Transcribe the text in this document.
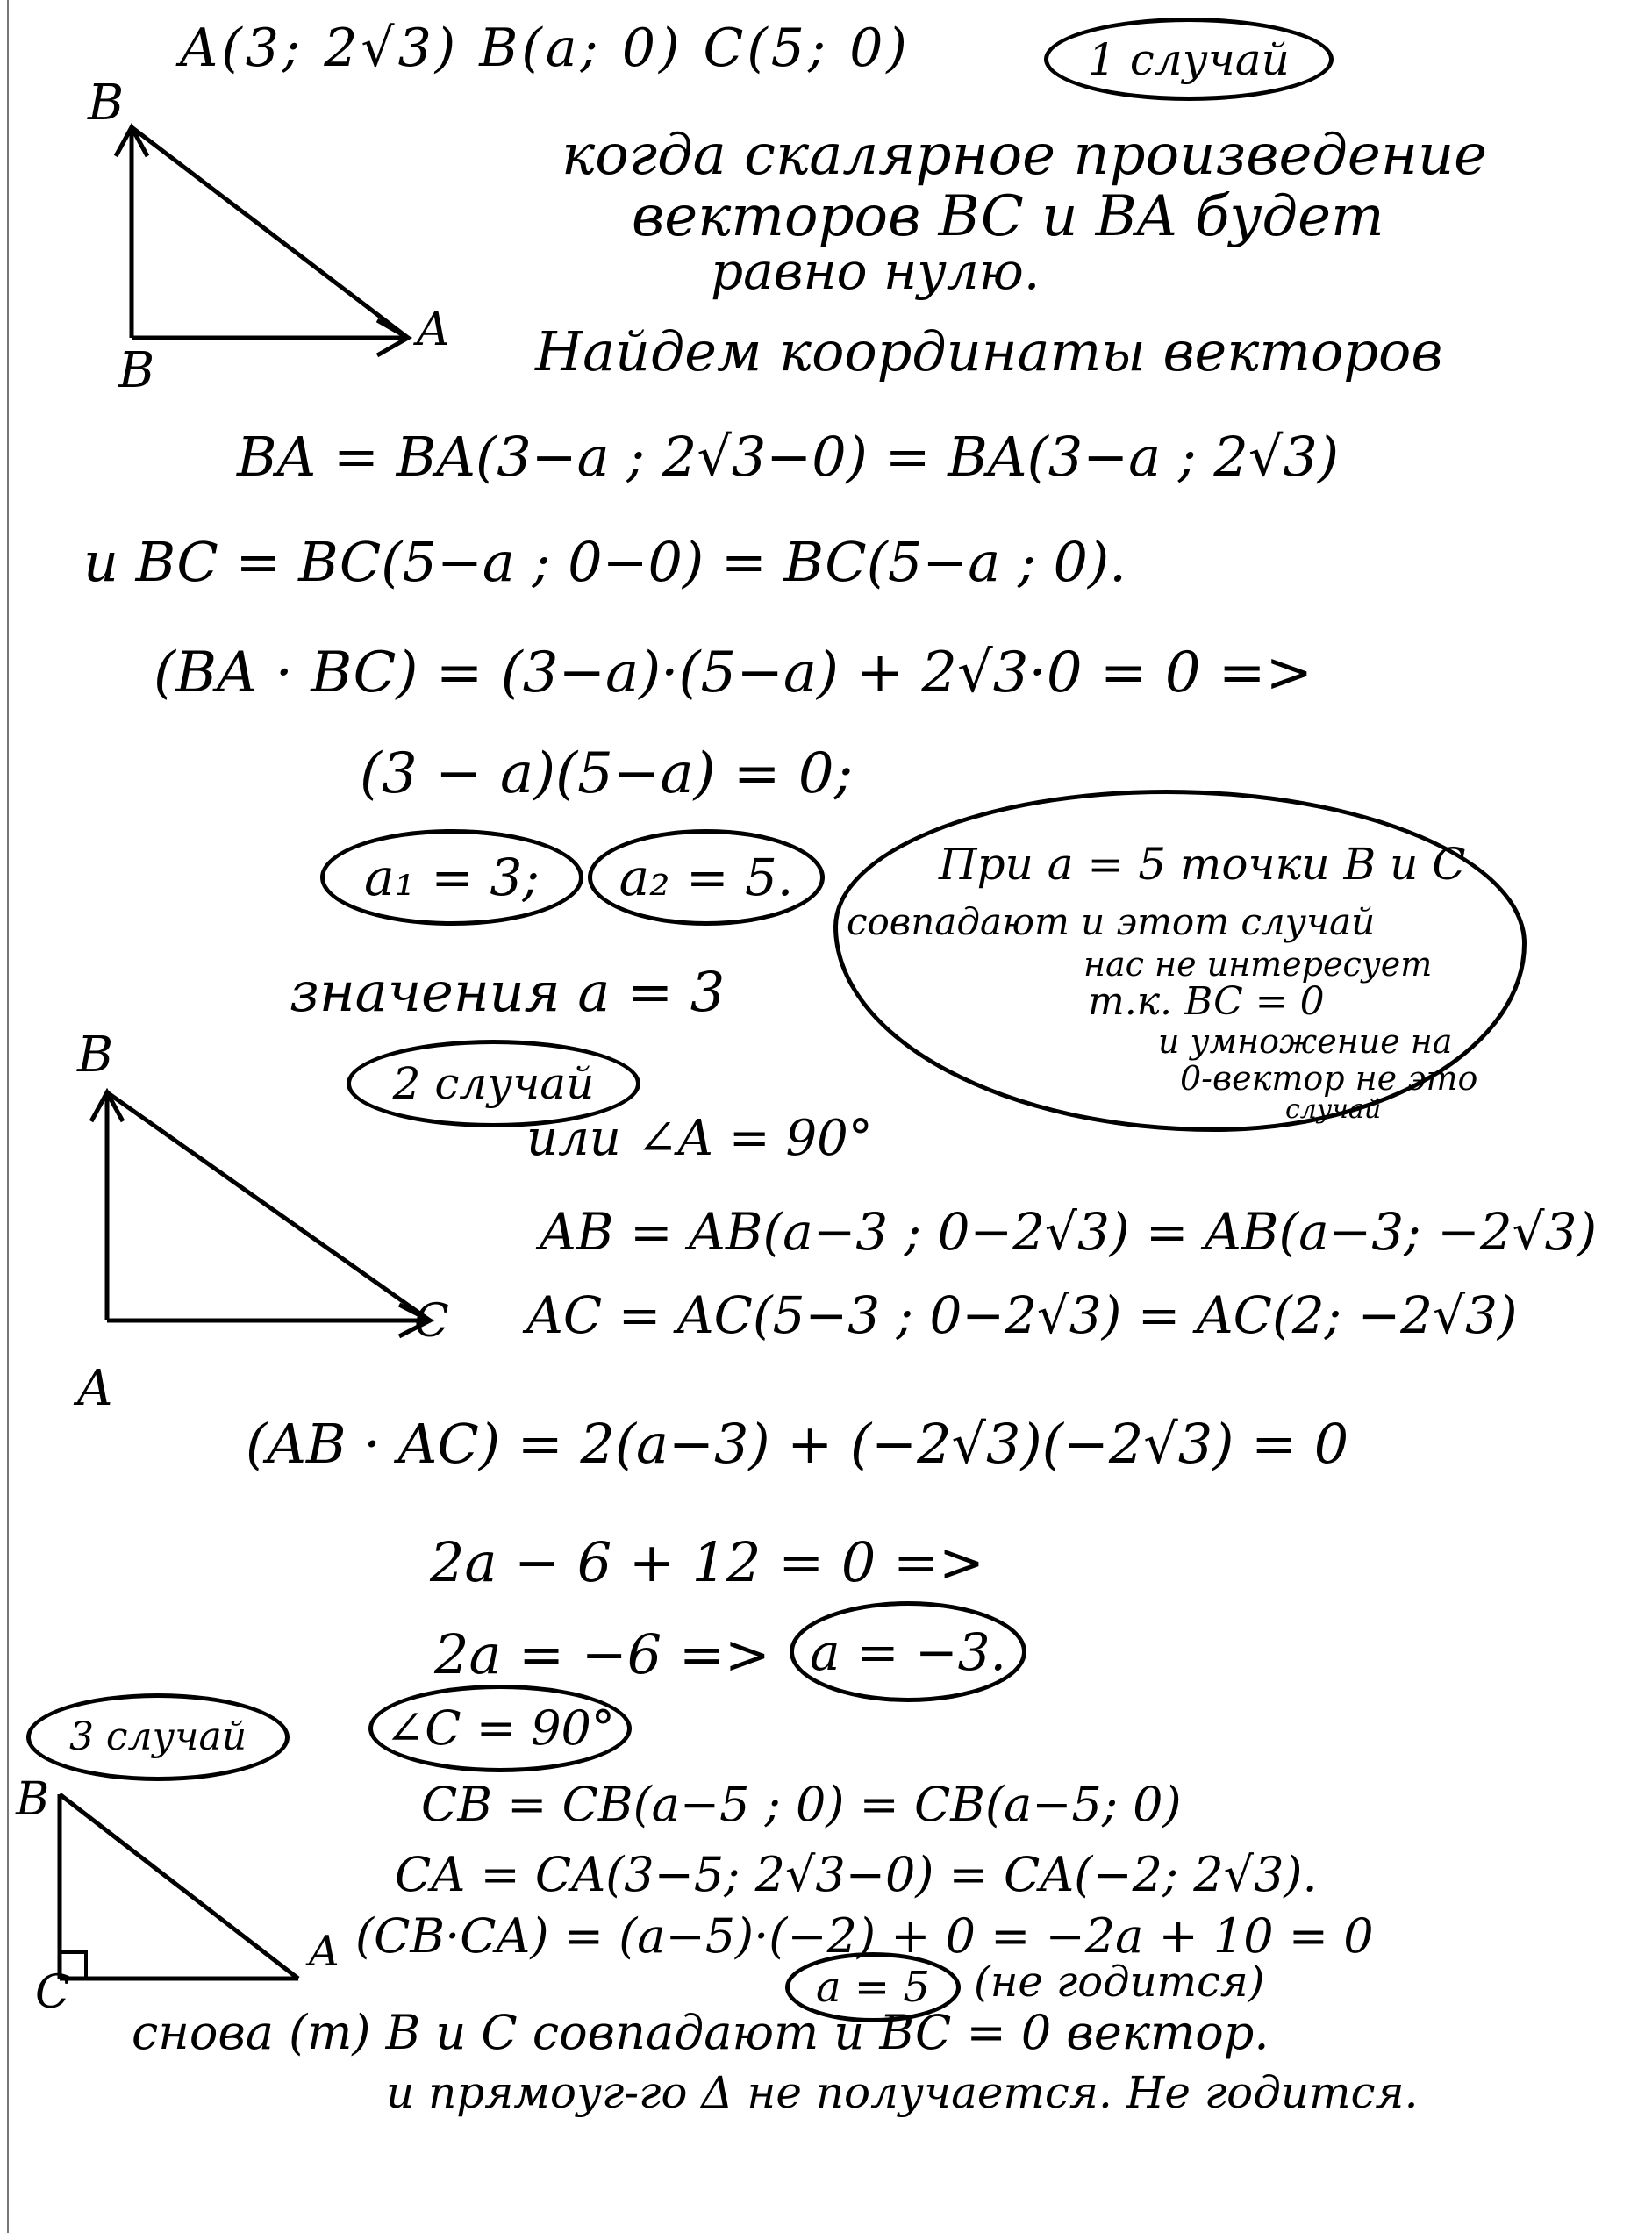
A(3; 2√3) B(a; 0) C(5; 0)	1 случай
B
B
A
когда скалярное произведение
векторов BC и BA будет
равно нулю.
Найдем координаты векторов
BA = BA(3−a ; 2√3−0) = BA(3−a ; 2√3)
и BC = BC(5−a ; 0−0) = BC(5−a ; 0).
(BA · BC) = (3−a)·(5−a) + 2√3·0 = 0 =>
(3 − a)(5−a) = 0;
a₁ = 3;	a₂ = 5.
значения a = 3
При a = 5 точки B и C
совпадают и этот случай
нас не интересует
т.к. BC = 0
и умножение на
0-вектор не это
случай
2 случай
B
A
C
или ∠A = 90°
AB = AB(a−3 ; 0−2√3) = AB(a−3; −2√3)
AC = AC(5−3 ; 0−2√3) = AC(2; −2√3)
(AB · AC) = 2(a−3) + (−2√3)(−2√3) = 0
2a − 6 + 12 = 0 =>
2a = −6 => a = −3.
3 случай	∠C = 90°
B
C
A
CB = CB(a−5 ; 0) = CB(a−5; 0)
CA = CA(3−5; 2√3−0) = CA(−2; 2√3).
(CB·CA) = (a−5)·(−2) + 0 = −2a + 10 = 0
a = 5	(не годится)
снова (т) B и C совпадают и BC = 0 вектор.
и прямоуг-го Δ не получается. Не годится.
